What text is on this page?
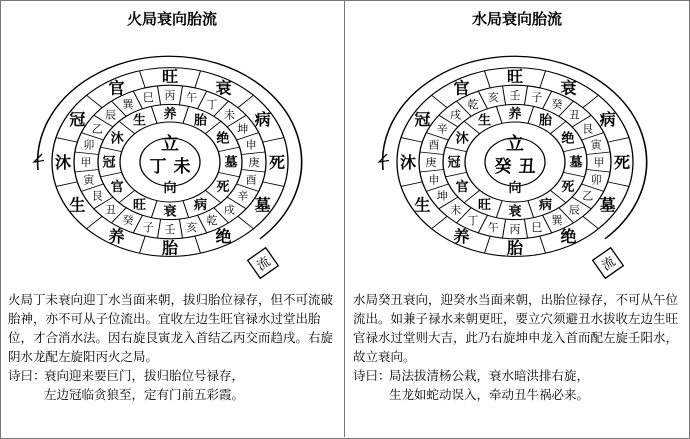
火局衰向胎流
旺
衰
病
死
墓
绝
胎
养
生
沐
冠
官	丙 午
丁
未
坤
申
庚
酉
辛
戌
乾
亥
壬
子
癸
丑
艮
寅
甲
卯
乙
辰
巽
巳
养 胎
绝
墓
死
病
衰
旺
官
冠
沐
生
立
丁 未
向
流
火局丁未衰向迎丁水当面来朝，拔归胎位禄存，但不可流破胎神，亦不可从子位流出。宜收左边生旺官禄水过堂出胎位，才合消水法。因右旋艮寅龙入首结乙丙交而趋戌。右旋阴水龙配左旋阳丙火之局。
诗曰：衰向迎来要巨门，拔归胎位号禄存，
左边冠临贪狼至，定有门前五彩霞。
水局衰向胎流
旺
衰
病
死
墓
绝
胎
养
生
沐
冠
官	壬 子
癸
丑
艮
寅
甲
卯
乙
辰
巽
巳
丙
午
丁
未
坤
申
庚
酉
辛
戌
乾
亥
养 胎
绝
墓
死
病
衰
旺
官
冠
沐
生
立
癸 丑
向
流
水局癸丑衰向，迎癸水当面来朝，出胎位禄存，不可从午位流出。如兼子禄水来朝更旺，要立穴须避丑水拔收左边生旺官禄水过堂则大吉，此乃右旋坤申龙入首而配左旋壬阳水，故立衰向。
诗曰：局法拔清杨公栽，衰水暗洪排右旋，
生龙如蛇动误入，牵动丑牛祸必来。
